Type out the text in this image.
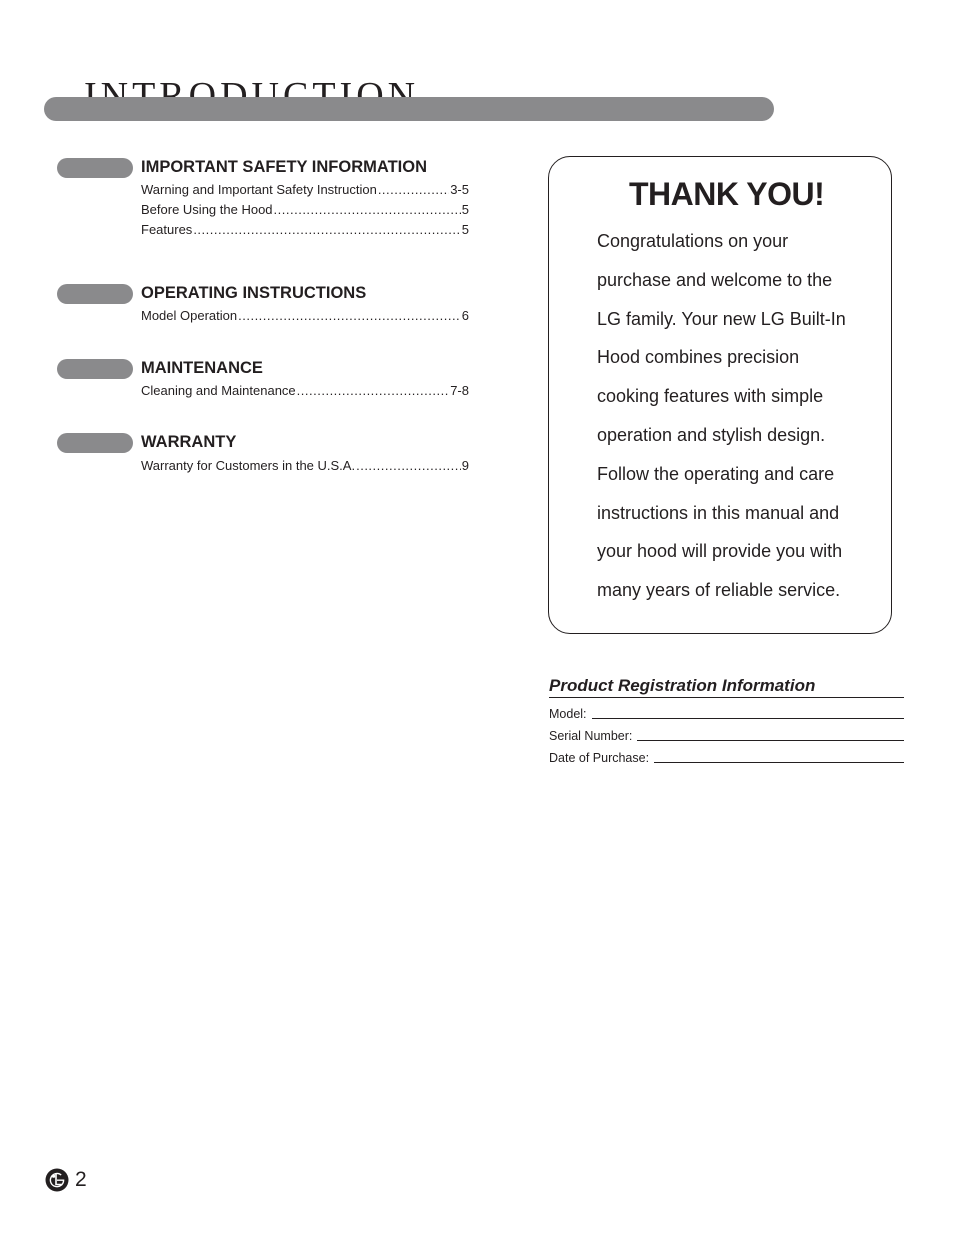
IMPORTANT SAFETY INFORMATION
Warning and Important Safety Instruction .....	3-5
Before Using the Hood .....	5
Features .....	5
OPERATING INSTRUCTIONS
Model Operation .....	6
MAINTENANCE
Cleaning and Maintenance .....	7-8
WARRANTY
Warranty for Customers in the U.S.A. .....	9
THANK YOU!

Congratulations on your
purchase and welcome to the
LG family. Your new LG Built-In
Hood combines precision
cooking features with simple
operation and stylish design.
Follow the operating and care
instructions in this manual and
your hood will provide you with
many years of reliable service.

Product Registration Information
Model:
Serial Number:
Date of Purchase:
2
